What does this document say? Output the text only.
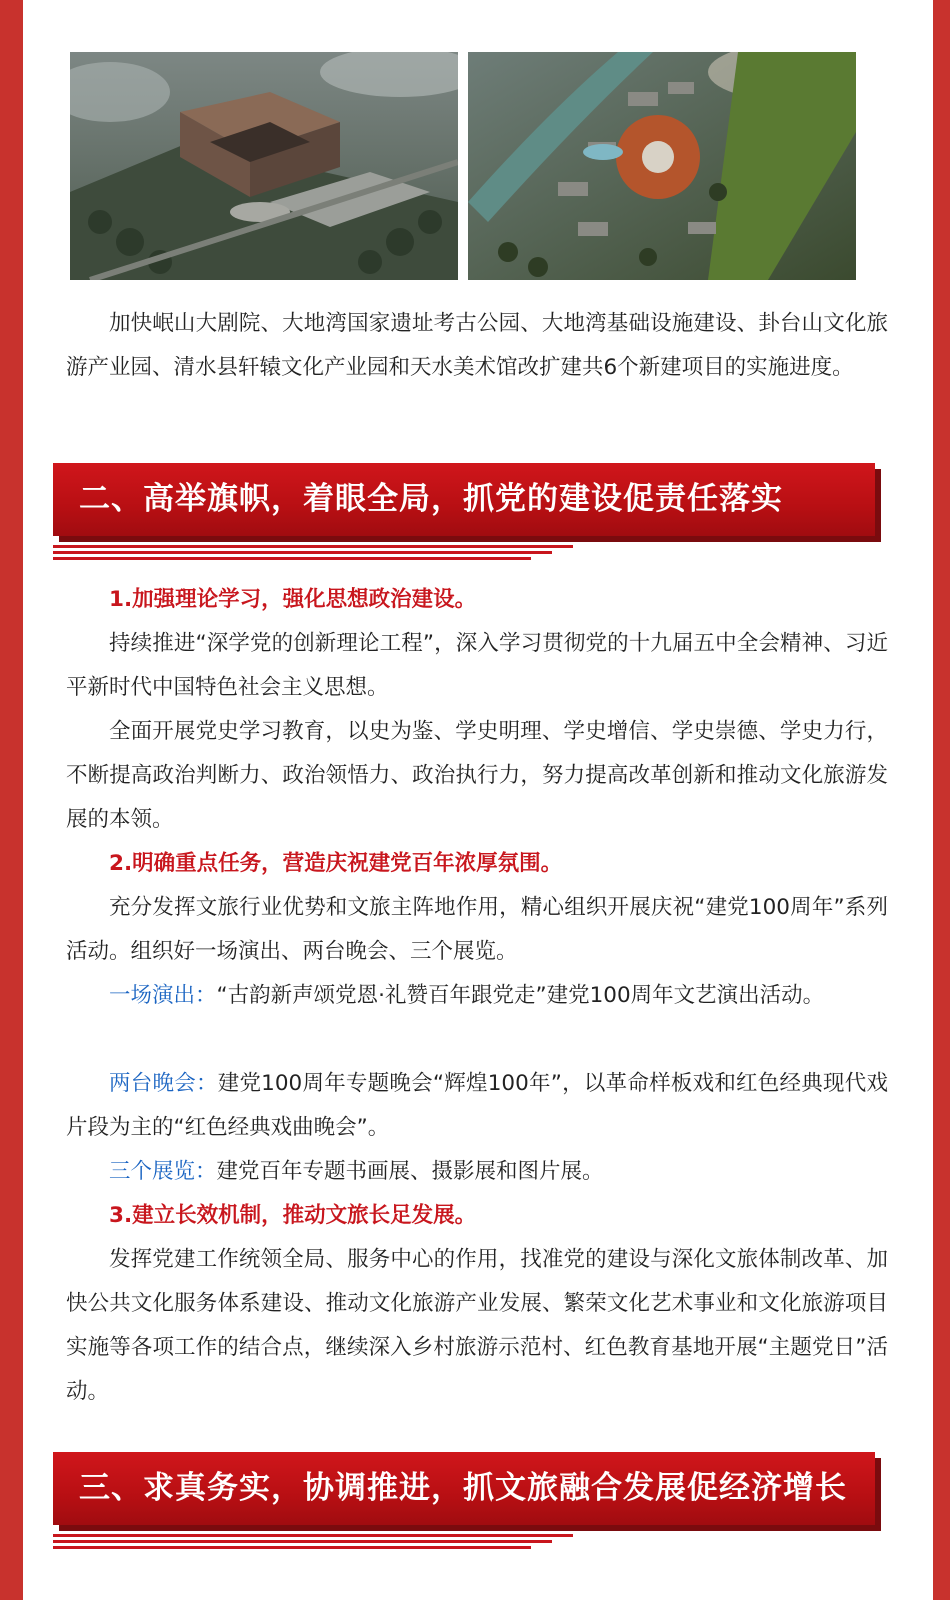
加快岷山大剧院、大地湾国家遗址考古公园、大地湾基础设施建设、卦台山文化旅游产业园、清水县轩辕文化产业园和天水美术馆改扩建共6个新建项目的实施进度。

二、高举旗帜，着眼全局，抓党的建设促责任落实
1.加强理论学习，强化思想政治建设。

持续推进“深学党的创新理论工程”，深入学习贯彻党的十九届五中全会精神、习近平新时代中国特色社会主义思想。

全面开展党史学习教育，以史为鉴、学史明理、学史增信、学史崇德、学史力行，不断提高政治判断力、政治领悟力、政治执行力，努力提高改革创新和推动文化旅游发展的本领。

2.明确重点任务，营造庆祝建党百年浓厚氛围。

充分发挥文旅行业优势和文旅主阵地作用，精心组织开展庆祝“建党100周年”系列活动。组织好一场演出、两台晚会、三个展览。

一场演出：“古韵新声颂党恩·礼赞百年跟党走”建党100周年文艺演出活动。

两台晚会：建党100周年专题晚会“辉煌100年”，以革命样板戏和红色经典现代戏片段为主的“红色经典戏曲晚会”。

三个展览：建党百年专题书画展、摄影展和图片展。

3.建立长效机制，推动文旅长足发展。

发挥党建工作统领全局、服务中心的作用，找准党的建设与深化文旅体制改革、加快公共文化服务体系建设、推动文化旅游产业发展、繁荣文化艺术事业和文化旅游项目实施等各项工作的结合点，继续深入乡村旅游示范村、红色教育基地开展“主题党日”活动。

三、求真务实，协调推进，抓文旅融合发展促经济增长
